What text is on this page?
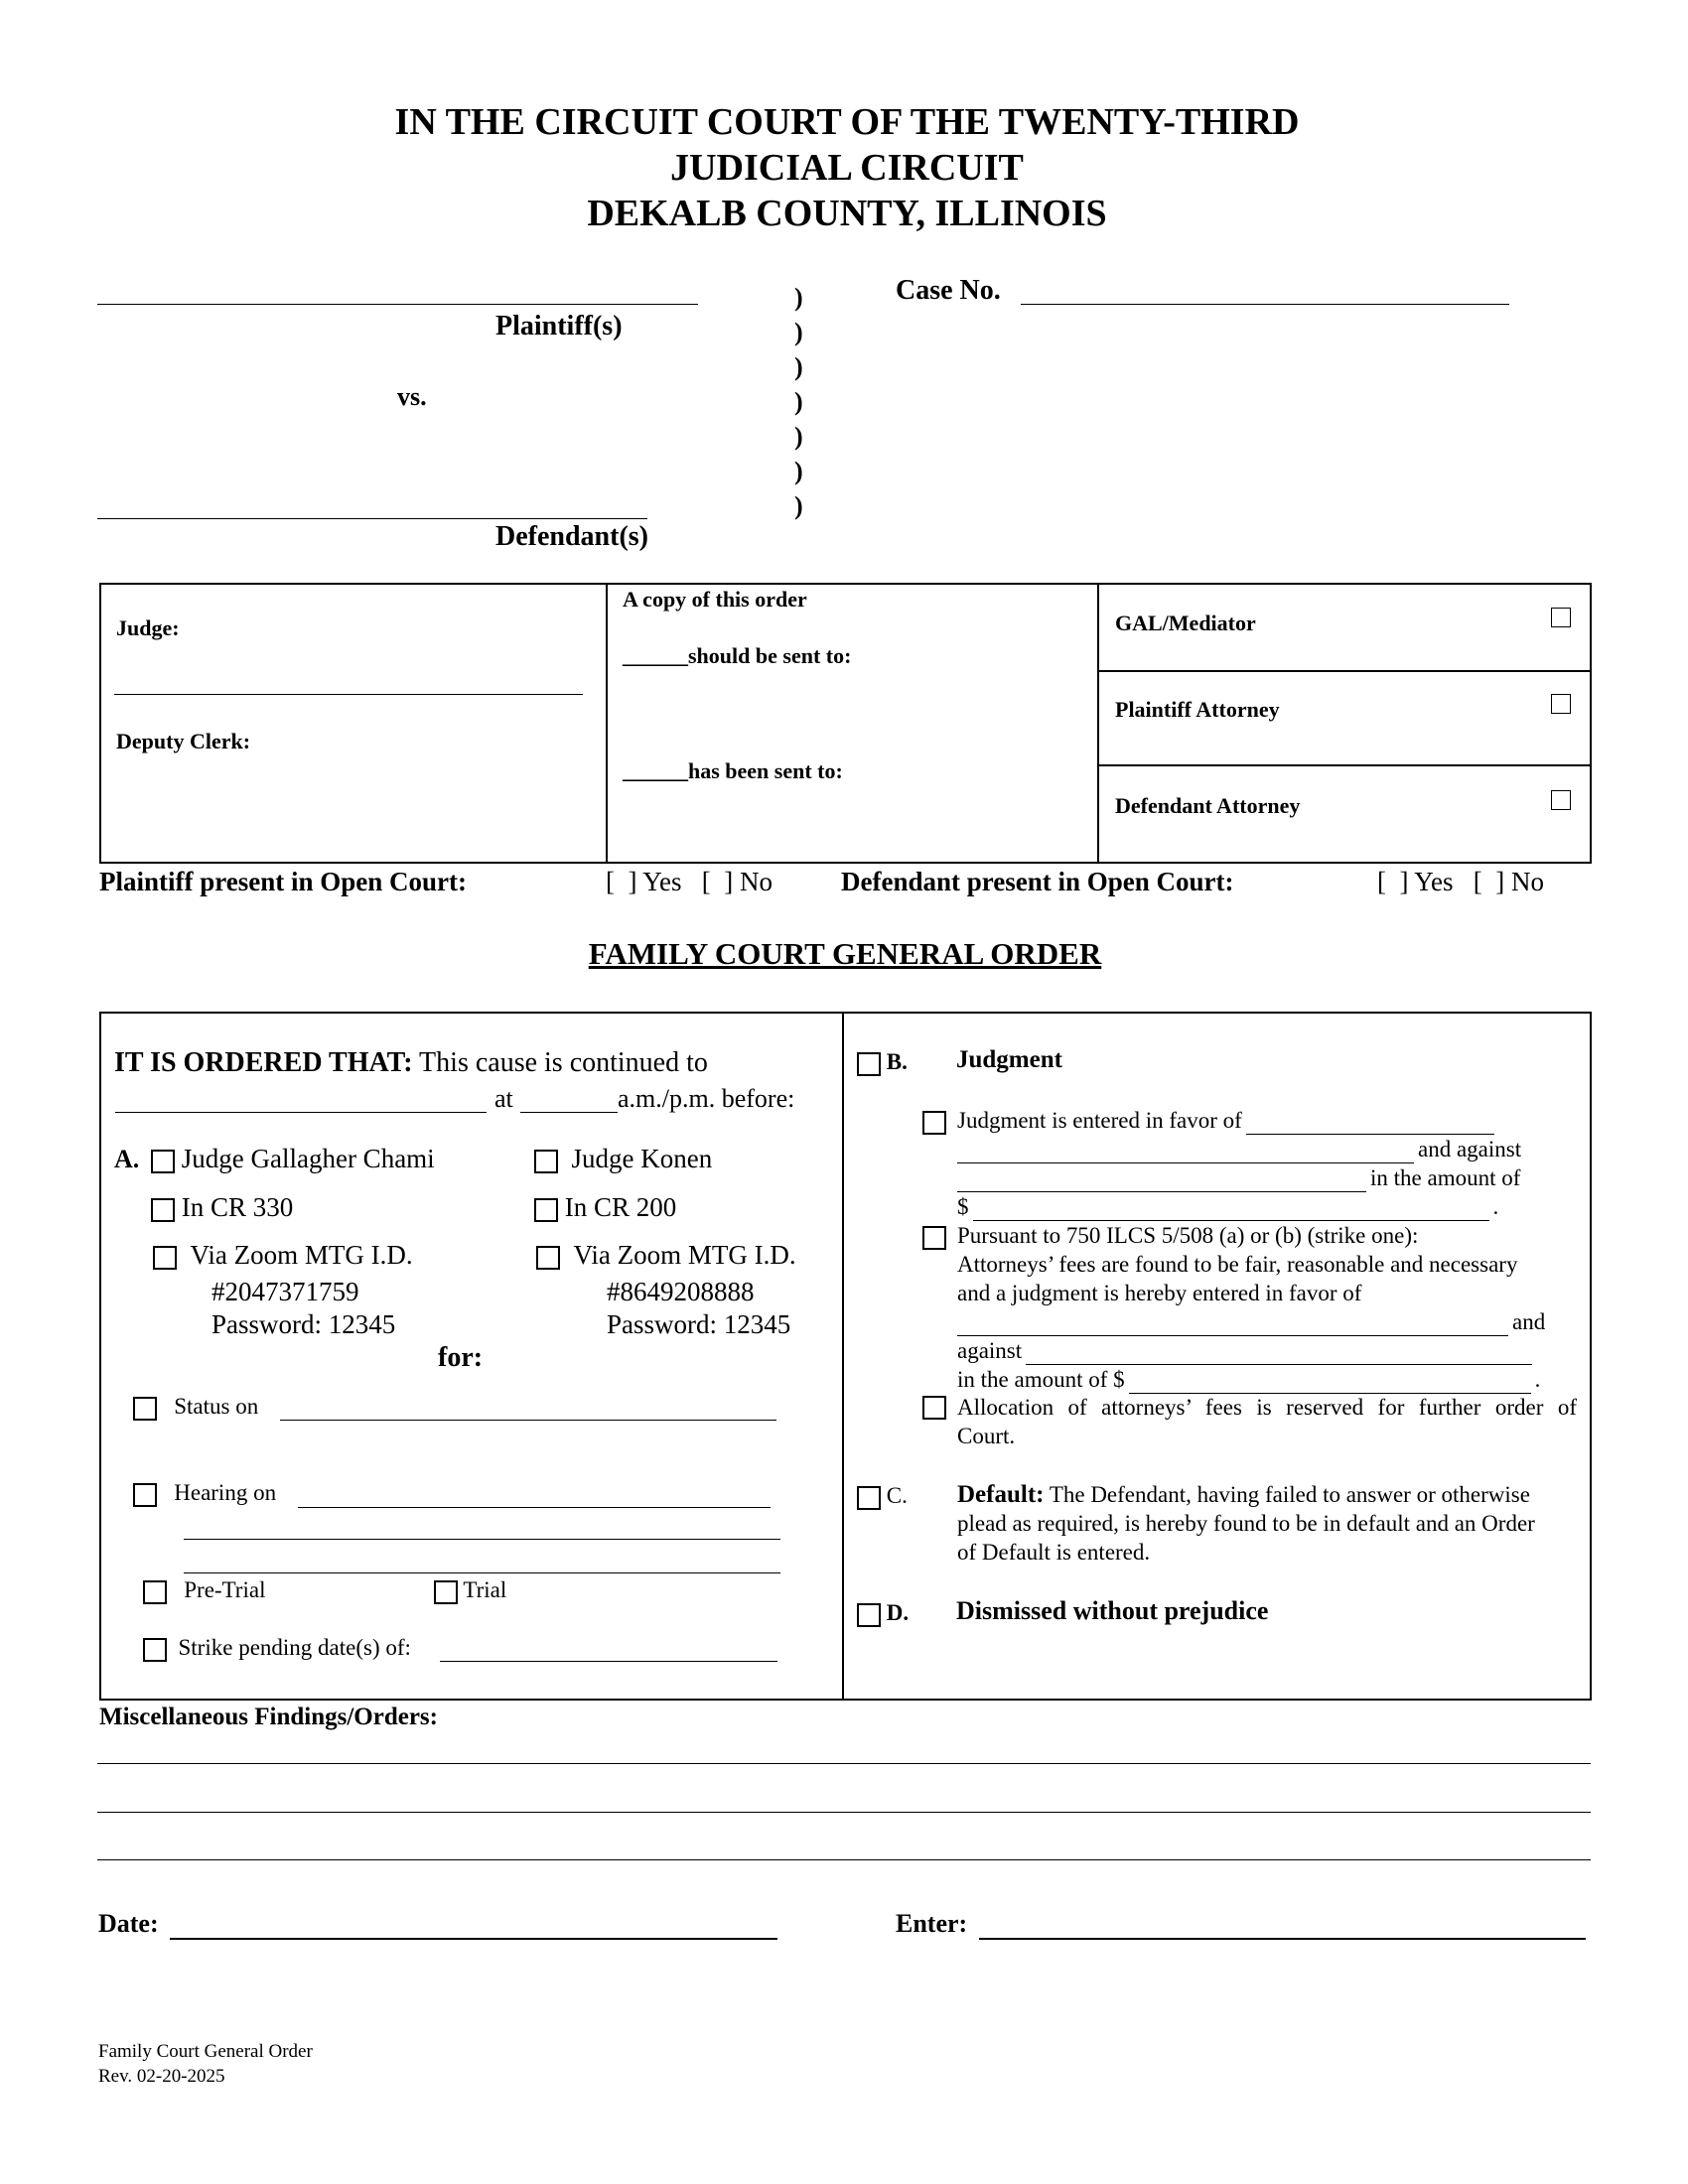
IN THE CIRCUIT COURT OF THE TWENTY-THIRD
JUDICIAL CIRCUIT
DEKALB COUNTY, ILLINOIS
Plaintiff(s)
vs.
Defendant(s)
)
)
)
)
)
)
)
Case No.
Judge:
Deputy Clerk:
A copy of this order
______should be sent to:
______has been sent to:
GAL/Mediator
Plaintiff Attorney
Defendant Attorney
Plaintiff present in Open Court:	[  ] Yes   [  ] No	Defendant present in Open Court:	[  ] Yes   [  ] No
FAMILY COURT GENERAL ORDER
IT IS ORDERED THAT: This cause is continued to
at	a.m./p.m. before:
A.	Judge Gallagher Chami	Judge Konen
In CR 330	In CR 200
Via Zoom MTG I.D.
#2047371759
Password: 12345
Via Zoom MTG I.D.
#8649208888
Password: 12345
for:
Status on
Hearing on
Pre-Trial	Trial
Strike pending date(s) of:
B. Judgment
Judgment is entered in favor of
and against
in the amount of
$	.
Pursuant to 750 ILCS 5/508 (a) or (b) (strike one):
Attorneys’ fees are found to be fair, reasonable and necessary
and a judgment is hereby entered in favor of
and
against
in the amount of $	.
Allocation of attorneys’ fees is reserved for further order of
Court.
C. Default: The Defendant, having failed to answer or otherwise
plead as required, is hereby found to be in default and an Order
of Default is entered.
D. Dismissed without prejudice
Miscellaneous Findings/Orders:
Date:	Enter:
Family Court General Order
Rev. 02-20-2025
